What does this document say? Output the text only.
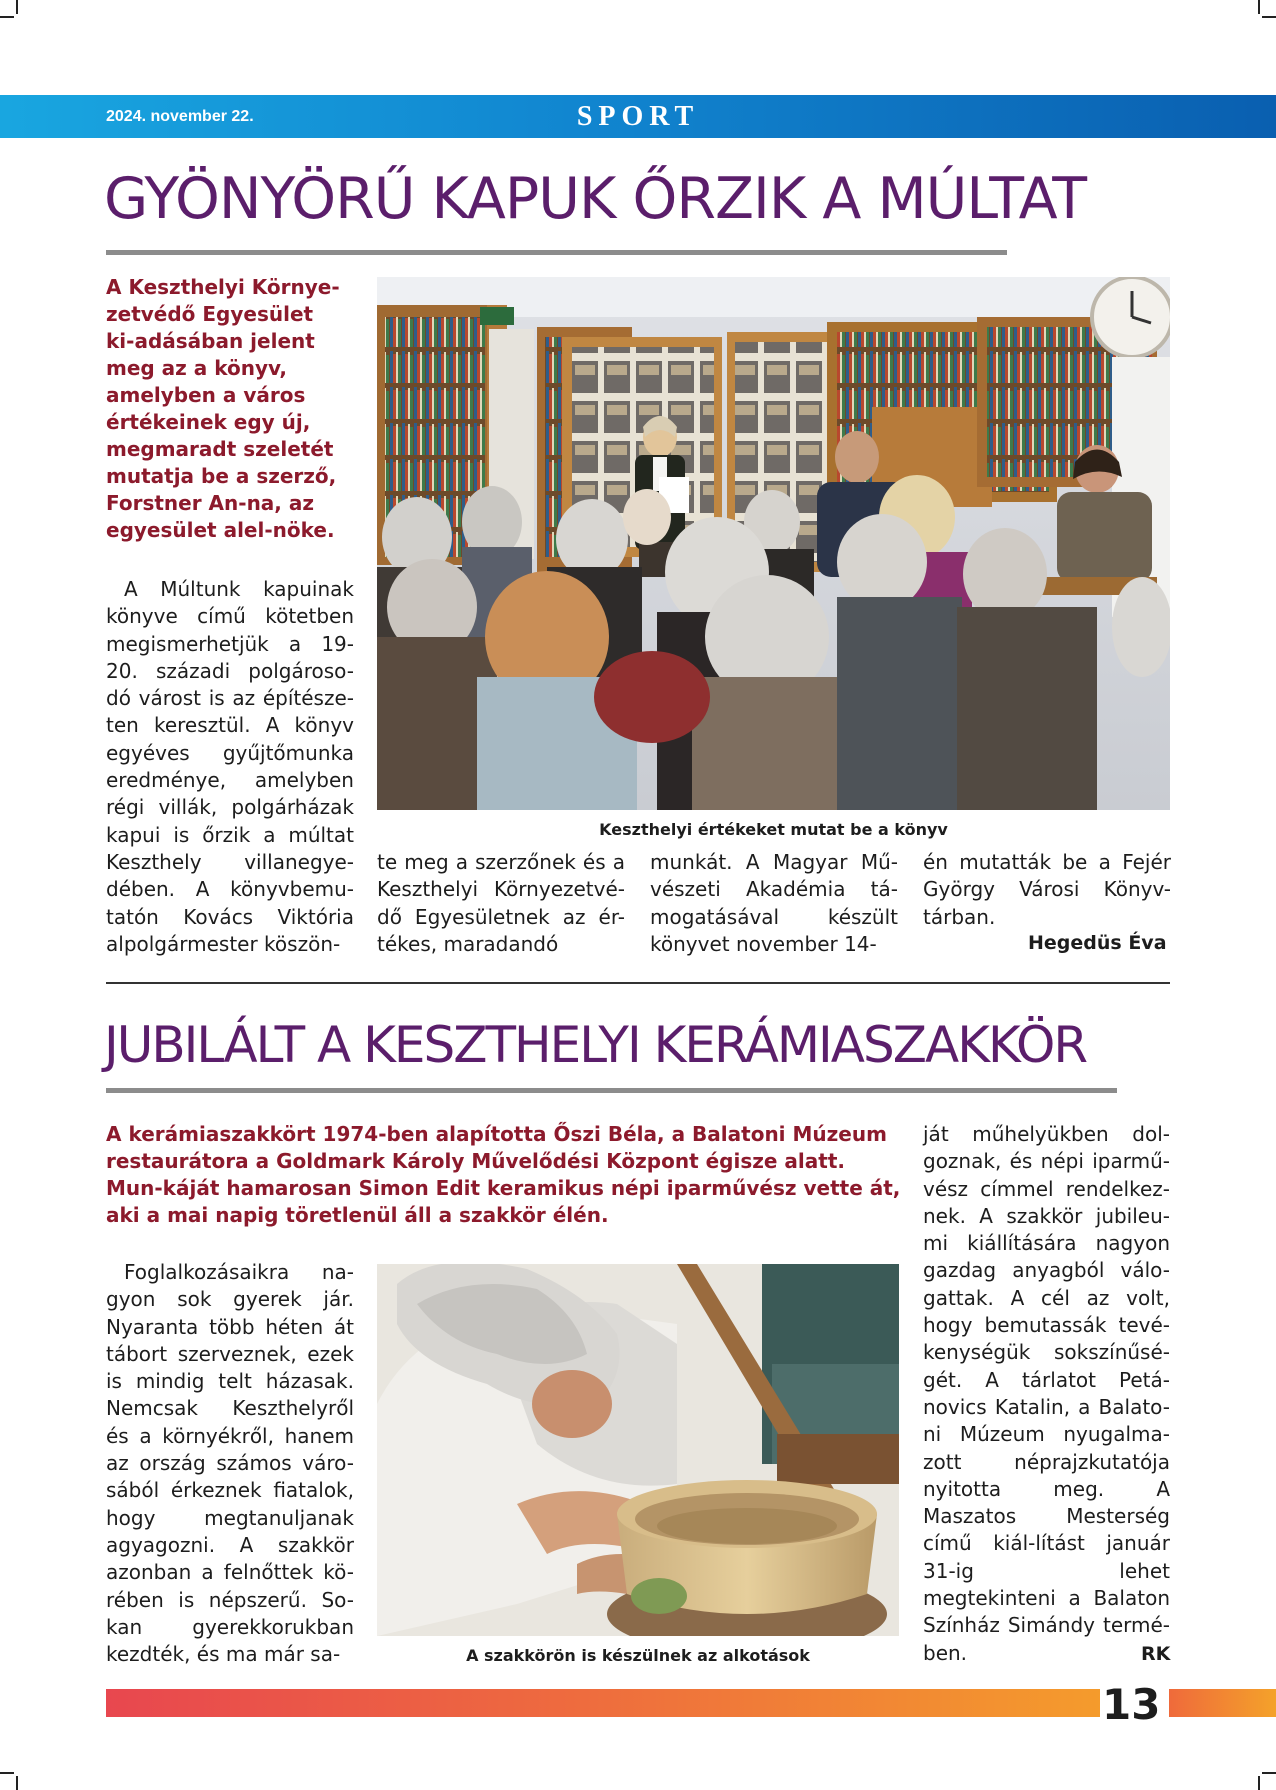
2024. november 22.	SPORT
GYÖNYÖRŰ KAPUK ŐRZIK A MÚLTAT
A Keszthelyi Környe-zetvédő Egyesület ki-adásában jelent meg az a könyv, amelyben a város értékeinek egy új, megmaradt szeletét mutatja be a szerző, Forstner An-na, az egyesület alel-nöke.
A Múltunk kapuinak könyve című kötetben megismerhetjük a 19-20. századi polgároso-dó várost is az építésze-ten keresztül. A könyv egyéves gyűjtőmunka eredménye, amelyben régi villák, polgárházak kapui is őrzik a múltat Keszthely villanegye-dében. A könyvbemu-tatón Kovács Viktória alpolgármester köszön-
Keszthelyi értékeket mutat be a könyv
te meg a szerzőnek és a Keszthelyi Környezetvé-dő Egyesületnek az ér-tékes, maradandó
munkát. A Magyar Mű-vészeti Akadémia tá-mogatásával készült könyvet november 14-
én mutatták be a Fejér György Városi Könyv-tárban.
Hegedüs Éva
JUBILÁLT A KESZTHELYI KERÁMIASZAKKÖR
A kerámiaszakkört 1974-ben alapította Őszi Béla, a Balatoni Múzeum restaurátora a Goldmark Károly Művelődési Központ égisze alatt. Mun-káját hamarosan Simon Edit keramikus népi iparművész vette át, aki a mai napig töretlenül áll a szakkör élén.
Foglalkozásaikra na-gyon sok gyerek jár. Nyaranta több héten át tábort szerveznek, ezek is mindig telt házasak. Nemcsak Keszthelyről és a környékről, hanem az ország számos váro-sából érkeznek fiatalok, hogy megtanuljanak agyagozni. A szakkör azonban a felnőttek kö-rében is népszerű. So-kan gyerekkorukban kezdték, és ma már sa-	A szakkörön is készülnek az alkotások
ját műhelyükben dol-goznak, és népi iparmű-vész címmel rendelkez-nek. A szakkör jubileu-mi kiállítására nagyon gazdag anyagból válo-gattak. A cél az volt, hogy bemutassák tevé-kenységük sokszínűsé-gét. A tárlatot Petá-novics Katalin, a Balato-ni Múzeum nyugalma-zott néprajzkutatója nyitotta meg. A Maszatos Mesterség című kiál-lítást január 31-ig lehet megtekinteni a Balaton Színház Simándy termé-ben.	RK
13
